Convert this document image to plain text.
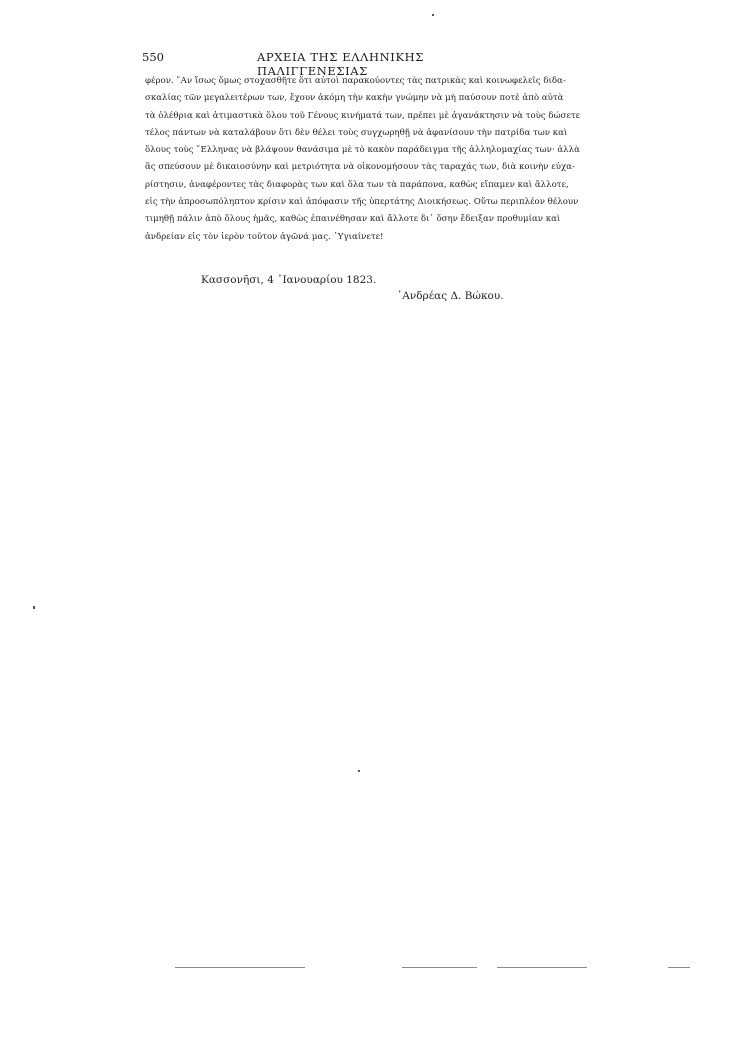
550	ΑΡΧΕΙΑ ΤΗΣ ΕΛΛΗΝΙΚΗΣ ΠΑΛΙΓΓΕΝΕΣΙΑΣ
φέρον. ῎Αν ἴσως ὅμως στοχασθῆτε ὅτι αὐτοὶ παρακούοντες τὰς πατρικὰς καὶ κοινωφελεῖς διδα-
σκαλίας τῶν μεγαλειτέρων των, ἔχουν ἀκόμη τὴν κακὴν γνώμην νὰ μὴ παύσουν ποτὲ ἀπὸ αὐτὰ
τὰ ὀλέθρια καὶ ἀτιμαστικὰ ὅλου τοῦ Γένους κινήματά των, πρέπει μὲ ἀγανάκτησιν νὰ τοὺς δώσετε
τέλος πάντων νὰ καταλάβουν ὅτι δὲν θέλει τοὺς συγχωρηθῇ νὰ ἀφανίσουν τὴν πατρίδα των καὶ
ὅλους τοὺς ῞Ελληνας νὰ βλάψουν θανάσιμα μὲ τὸ κακὸν παράδειγμα τῆς ἀλληλομαχίας των· ἀλλὰ
ἂς σπεύσουν μὲ δικαιοσύνην καὶ μετριότητα νὰ οἰκονομήσουν τὰς ταραχάς των, διὰ κοινὴν εὐχα-
ρίστησιν, ἀναφέροντες τὰς διαφορὰς των καὶ ὅλα των τὰ παράπονα, καθὼς εἴπαμεν καὶ ἄλλοτε,
εἰς τὴν ἀπροσωπόληπτον κρίσιν καὶ ἀπόφασιν τῆς ὑπερτάτης Διοικήσεως. Οὕτω περιπλέον θέλουν
τιμηθῇ πάλιν ἀπὸ ὅλους ἡμᾶς, καθὼς ἐπαινέθησαν καὶ ἄλλοτε δι᾿ ὅσην ἔδειξαν προθυμίαν καὶ
ἀνδρείαν εἰς τὸν ἱερὸν τοῦτον ἀγῶνά μας. ῾Υγιαίνετε!
Κασσονῆσι, 4 ᾽Ιανουαρίου 1823.
᾽Ανδρέας Δ. Βώκου.
